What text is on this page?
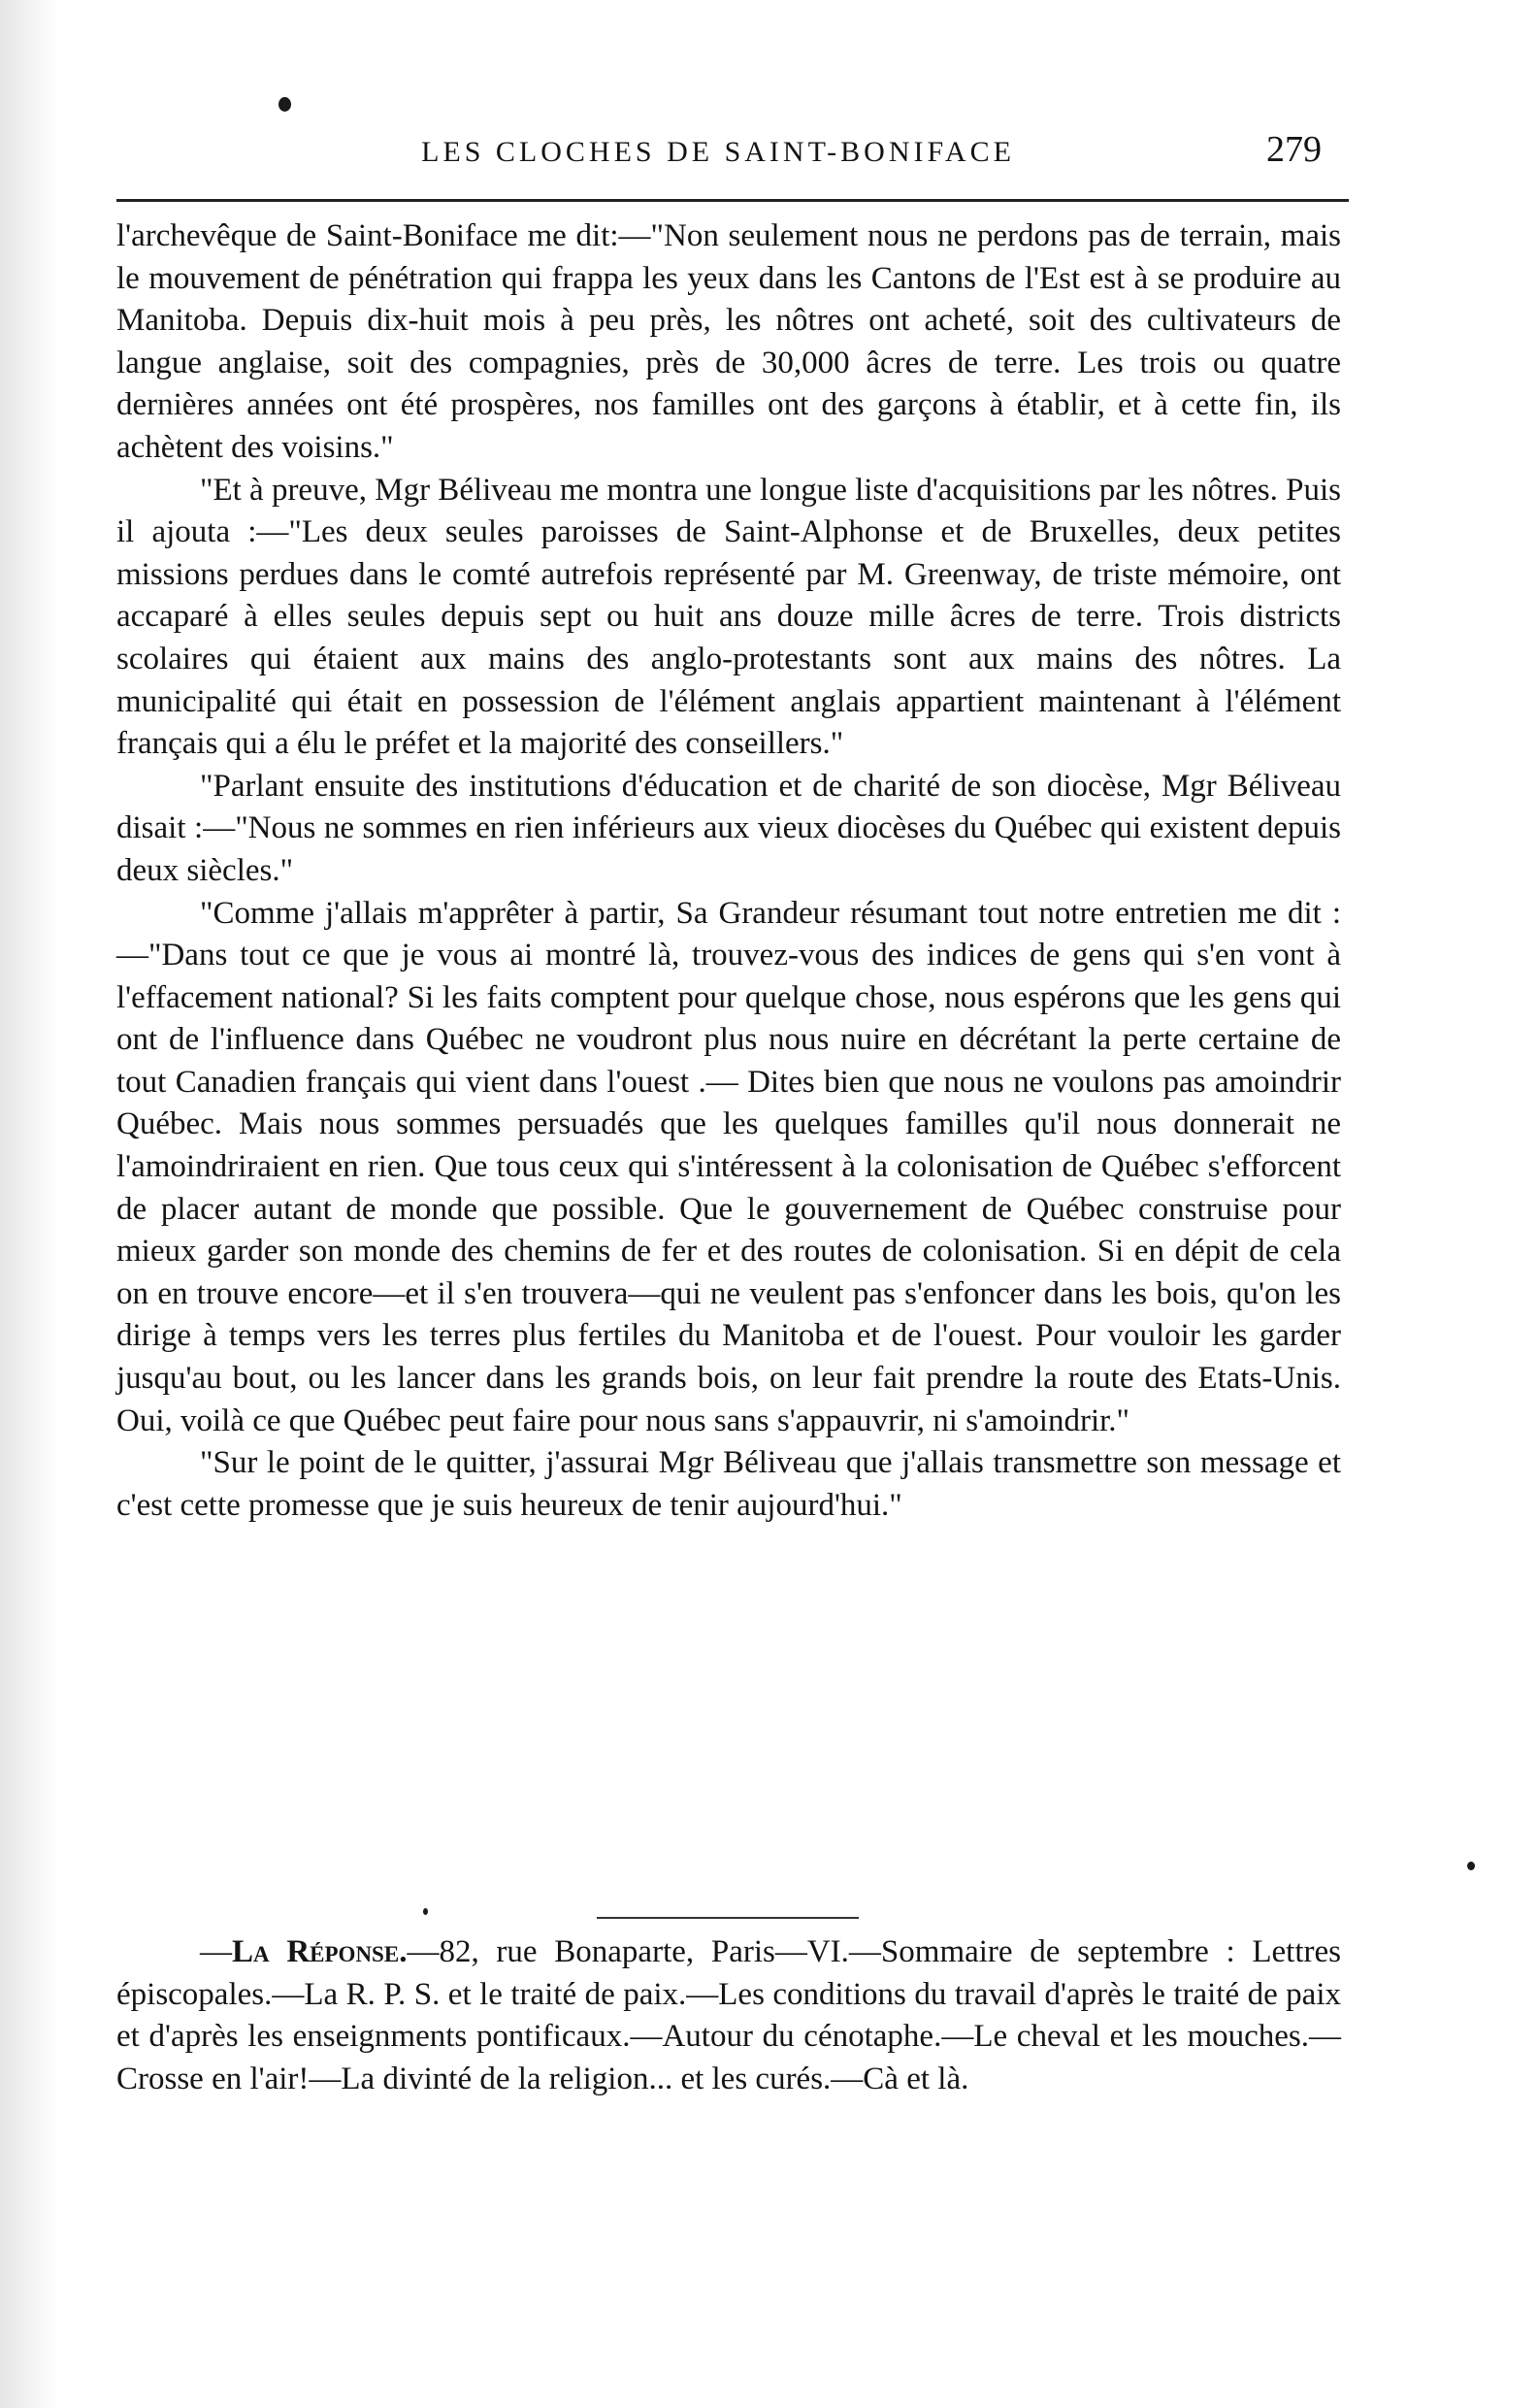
LES CLOCHES DE SAINT-BONIFACE	279

l'archevêque de Saint-Boniface me dit:—"Non seulement nous ne perdons pas de terrain, mais le mouvement de pénétration qui frappa les yeux dans les Cantons de l'Est est à se produire au Manitoba. Depuis dix-huit mois à peu près, les nôtres ont acheté, soit des cultivateurs de langue anglaise, soit des compagnies, près de 30,000 âcres de terre. Les trois ou quatre dernières années ont été prospères, nos familles ont des garçons à établir, et à cette fin, ils achètent des voisins."

"Et à preuve, Mgr Béliveau me montra une longue liste d'acquisitions par les nôtres. Puis il ajouta :—"Les deux seules paroisses de Saint-Alphonse et de Bruxelles, deux petites missions perdues dans le comté autrefois représenté par M. Greenway, de triste mémoire, ont accaparé à elles seules depuis sept ou huit ans douze mille âcres de terre. Trois districts scolaires qui étaient aux mains des anglo-protestants sont aux mains des nôtres. La municipalité qui était en possession de l'élément anglais appartient maintenant à l'élément français qui a élu le préfet et la majorité des conseillers."

"Parlant ensuite des institutions d'éducation et de charité de son diocèse, Mgr Béliveau disait :—"Nous ne sommes en rien inférieurs aux vieux diocèses du Québec qui existent depuis deux siècles."

"Comme j'allais m'apprêter à partir, Sa Grandeur résumant tout notre entretien me dit :—"Dans tout ce que je vous ai montré là, trouvez-vous des indices de gens qui s'en vont à l'effacement national? Si les faits comptent pour quelque chose, nous espérons que les gens qui ont de l'influence dans Québec ne voudront plus nous nuire en décrétant la perte certaine de tout Canadien français qui vient dans l'ouest .— Dites bien que nous ne voulons pas amoindrir Québec. Mais nous sommes persuadés que les quelques familles qu'il nous donnerait ne l'amoindriraient en rien. Que tous ceux qui s'intéressent à la colonisation de Québec s'efforcent de placer autant de monde que possible. Que le gouvernement de Québec construise pour mieux garder son monde des chemins de fer et des routes de colonisation. Si en dépit de cela on en trouve encore—et il s'en trouvera—qui ne veulent pas s'enfoncer dans les bois, qu'on les dirige à temps vers les terres plus fertiles du Manitoba et de l'ouest. Pour vouloir les garder jusqu'au bout, ou les lancer dans les grands bois, on leur fait prendre la route des Etats-Unis. Oui, voilà ce que Québec peut faire pour nous sans s'appauvrir, ni s'amoindrir."

"Sur le point de le quitter, j'assurai Mgr Béliveau que j'allais transmettre son message et c'est cette promesse que je suis heureux de tenir aujourd'hui."

—La Réponse.—82, rue Bonaparte, Paris—VI.—Sommaire de septembre : Lettres épiscopales.—La R. P. S. et le traité de paix.—Les conditions du travail d'après le traité de paix et d'après les enseignments pontificaux.—Autour du cénotaphe.—Le cheval et les mouches.—Crosse en l'air!—La divinté de la religion... et les curés.—Cà et là.
